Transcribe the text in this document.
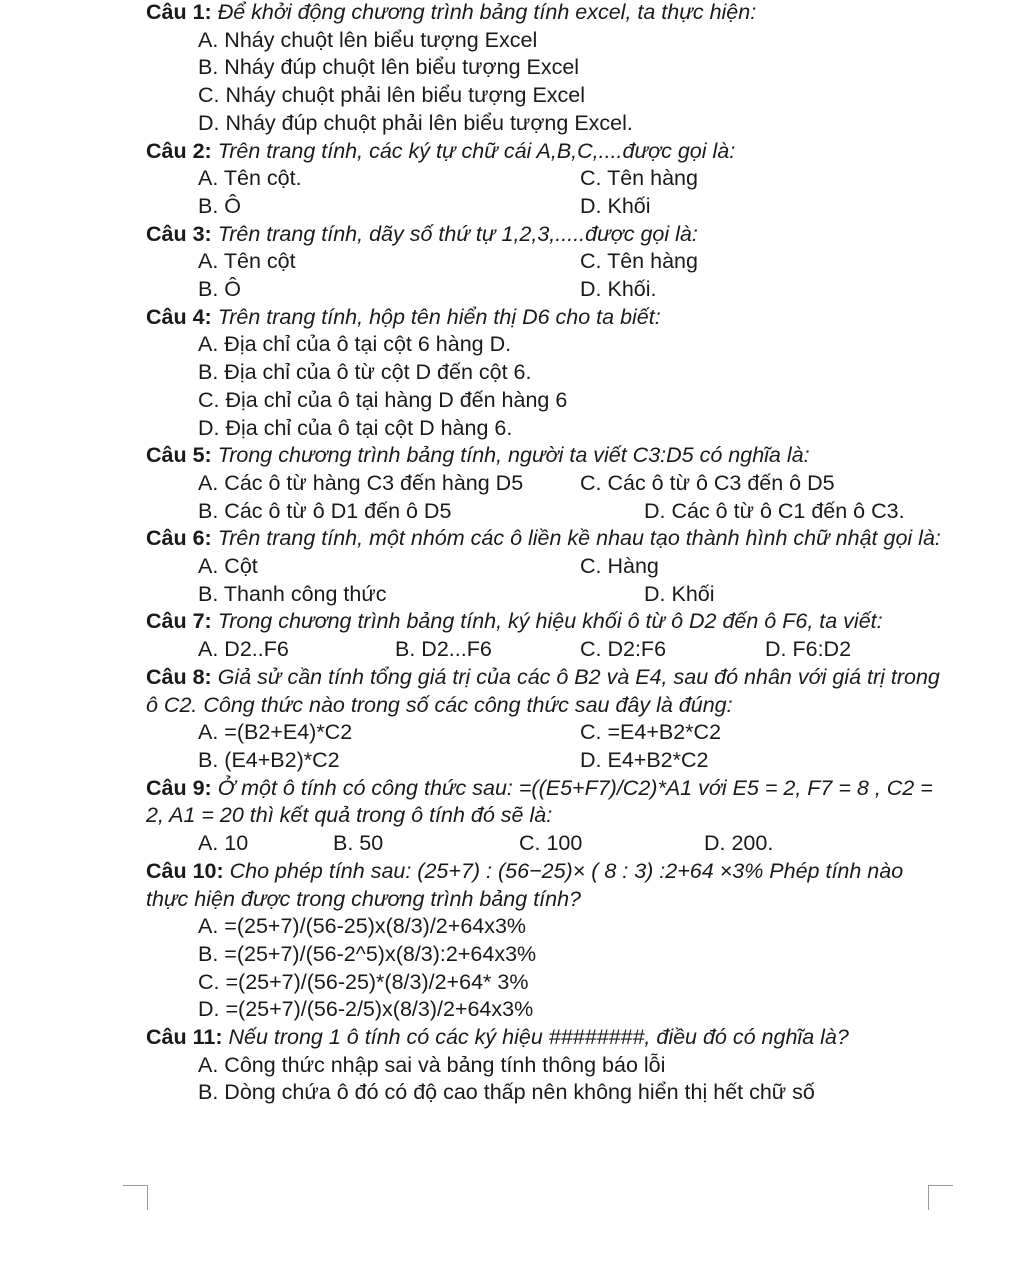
Câu 1: Để khởi động chương trình bảng tính excel, ta thực hiện:

A. Nháy chuột lên biểu tượng Excel
B. Nháy đúp chuột lên biểu tượng Excel
C. Nháy chuột phải lên biểu tượng Excel
D. Nháy đúp chuột phải lên biểu tượng Excel.

Câu 2: Trên trang tính, các ký tự chữ cái A,B,C,....được gọi là:

A. Tên cột.	C. Tên hàng
B. Ô	D. Khối

Câu 3: Trên trang tính, dãy số thứ tự 1,2,3,.....được gọi là:

A. Tên cột	C. Tên hàng
B. Ô	D. Khối.

Câu 4: Trên trang tính, hộp tên hiển thị D6 cho ta biết:

A. Địa chỉ của ô tại cột 6 hàng D.
B. Địa chỉ của ô từ cột D đến cột 6.
C. Địa chỉ của ô tại hàng D đến hàng 6
D. Địa chỉ của ô tại cột D hàng 6.

Câu 5: Trong chương trình bảng tính, người ta viết C3:D5 có nghĩa là:

A. Các ô từ hàng C3 đến hàng D5	C. Các ô từ ô C3 đến ô D5
B. Các ô từ ô D1 đến ô D5	D. Các ô từ ô C1 đến ô C3.

Câu 6: Trên trang tính, một nhóm các ô liền kề nhau tạo thành hình chữ nhật gọi là:

A. Cột	C. Hàng
B. Thanh công thức	D. Khối

Câu 7: Trong chương trình bảng tính, ký hiệu khối ô từ ô D2 đến ô F6, ta viết:

A. D2..F6	B. D2...F6	C. D2:F6	D. F6:D2

Câu 8: Giả sử cần tính tổng giá trị của các ô B2 và E4, sau đó nhân với giá trị trong ô C2. Công thức nào trong số các công thức sau đây là đúng:

A. =(B2+E4)*C2	C. =E4+B2*C2
B. (E4+B2)*C2	D. E4+B2*C2

Câu 9: Ở một ô tính có công thức sau: =((E5+F7)/C2)*A1 với E5 = 2, F7 = 8 , C2 = 2, A1 = 20 thì kết quả trong ô tính đó sẽ là:

A. 10	B. 50	C. 100	D. 200.

Câu 10: Cho phép tính sau: (25+7) : (56−25)× ( 8 : 3) :2+64 ×3% Phép tính nào thực hiện được trong chương trình bảng tính?

A. =(25+7)/(56-25)x(8/3)/2+64x3%
B. =(25+7)/(56-2^5)x(8/3):2+64x3%
C. =(25+7)/(56-25)*(8/3)/2+64* 3%
D. =(25+7)/(56-2/5)x(8/3)/2+64x3%

Câu 11: Nếu trong 1 ô tính có các ký hiệu ########, điều đó có nghĩa là?

A. Công thức nhập sai và bảng tính thông báo lỗi
B. Dòng chứa ô đó có độ cao thấp nên không hiển thị hết chữ số
